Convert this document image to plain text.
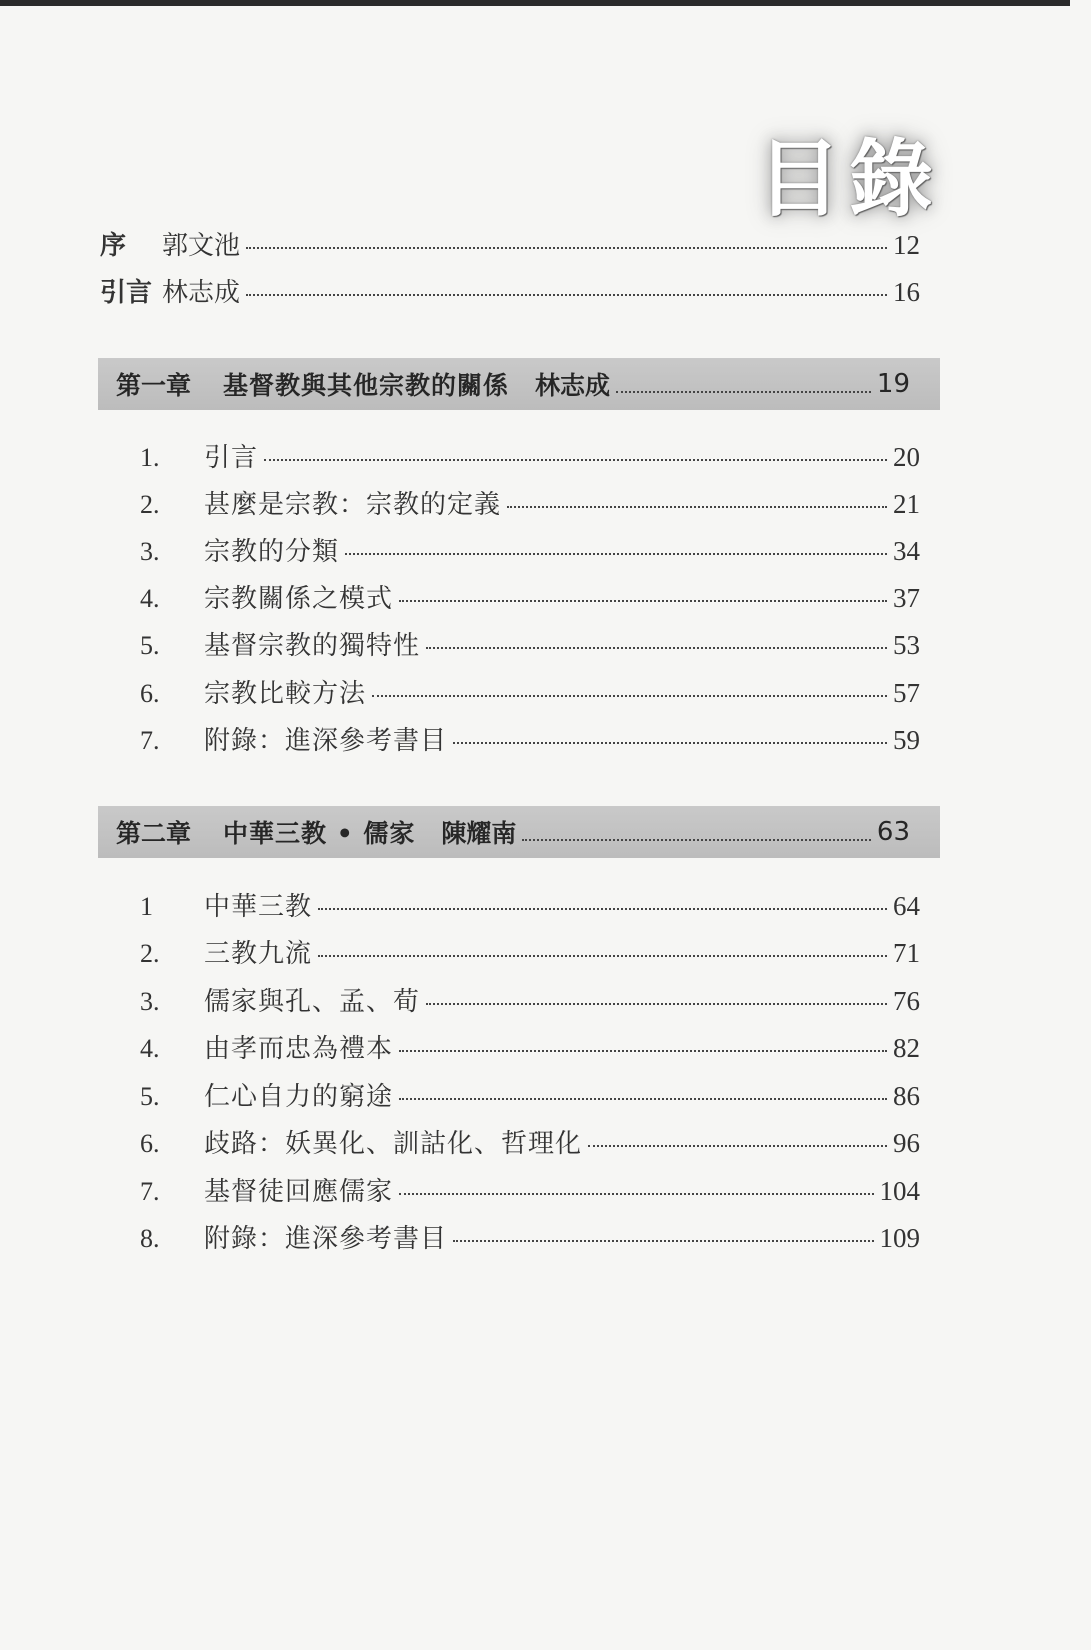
目錄
序 郭文池	12
引言 林志成	16
第一章 基督教與其他宗教的關係 林志成	19
1. 引言	20
2. 甚麼是宗教：宗教的定義	21
3. 宗教的分類	34
4. 宗教關係之模式	37
5. 基督宗教的獨特性	53
6. 宗教比較方法	57
7. 附錄：進深參考書目	59
第二章 中華三教 • 儒家 陳耀南	63
1 中華三教	64
2. 三教九流	71
3. 儒家與孔、孟、荀	76
4. 由孝而忠為禮本	82
5. 仁心自力的窮途	86
6. 歧路：妖異化、訓詁化、哲理化	96
7. 基督徒回應儒家	104
8. 附錄：進深參考書目	109
